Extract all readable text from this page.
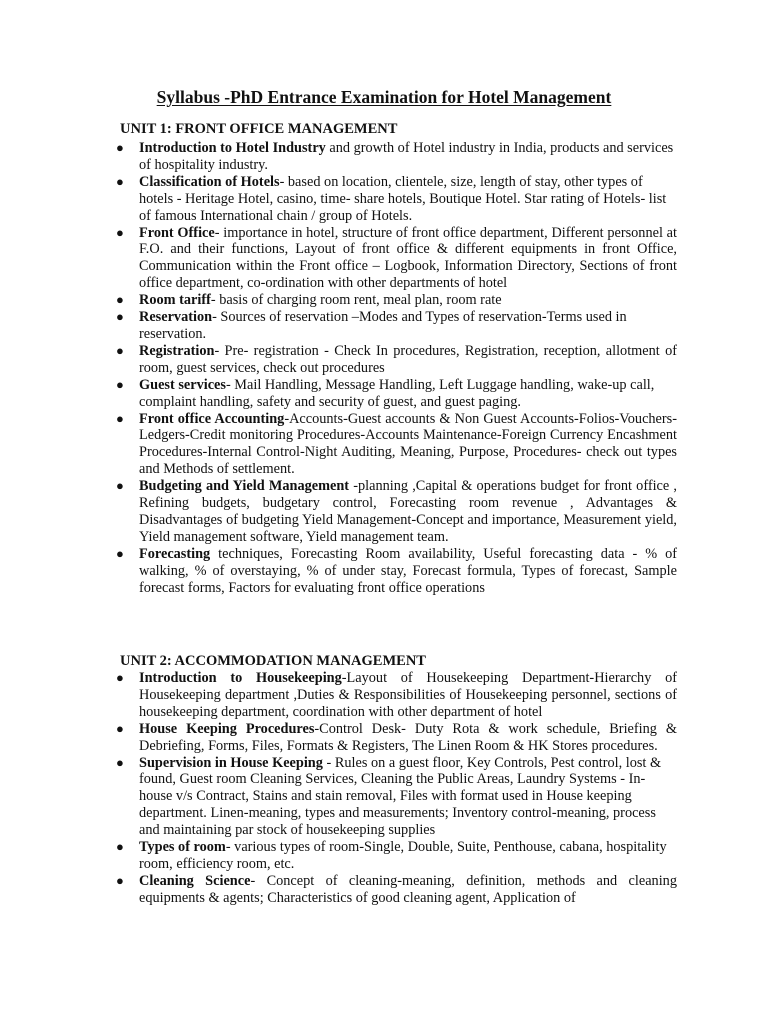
Syllabus -PhD Entrance Examination for Hotel Management
UNIT 1: FRONT OFFICE MANAGEMENT
● Introduction to Hotel Industry and growth of Hotel industry in India, products and services of hospitality industry.
● Classification of Hotels- based on location, clientele, size, length of stay, other types of hotels - Heritage Hotel, casino, time- share hotels, Boutique Hotel. Star rating of Hotels- list of famous International chain / group of Hotels.
● Front Office- importance in hotel, structure of front office department, Different personnel at F.O. and their functions, Layout of front office & different equipments in front Office, Communication within the Front office – Logbook, Information Directory, Sections of front office department, co-ordination with other departments of hotel
● Room tariff- basis of charging room rent, meal plan, room rate
● Reservation- Sources of reservation –Modes and Types of reservation-Terms used in reservation.
● Registration- Pre- registration - Check In procedures, Registration, reception, allotment of room, guest services, check out procedures
● Guest services- Mail Handling, Message Handling, Left Luggage handling, wake-up call, complaint handling, safety and security of guest, and guest paging.
● Front office Accounting-Accounts-Guest accounts & Non Guest Accounts-Folios-Vouchers-Ledgers-Credit monitoring Procedures-Accounts Maintenance-Foreign Currency Encashment Procedures-Internal Control-Night Auditing, Meaning, Purpose, Procedures- check out types and Methods of settlement.
● Budgeting and Yield Management -planning ,Capital & operations budget for front office , Refining budgets, budgetary control, Forecasting room revenue , Advantages & Disadvantages of budgeting Yield Management-Concept and importance, Measurement yield, Yield management software, Yield management team.
● Forecasting techniques, Forecasting Room availability, Useful forecasting data - % of walking, % of overstaying, % of under stay, Forecast formula, Types of forecast, Sample forecast forms, Factors for evaluating front office operations
UNIT 2: ACCOMMODATION MANAGEMENT
● Introduction to Housekeeping-Layout of Housekeeping Department-Hierarchy of Housekeeping department ,Duties & Responsibilities of Housekeeping personnel, sections of housekeeping department, coordination with other department of hotel
● House Keeping Procedures-Control Desk- Duty Rota & work schedule, Briefing & Debriefing, Forms, Files, Formats & Registers, The Linen Room & HK Stores procedures.
● Supervision in House Keeping - Rules on a guest floor, Key Controls, Pest control, lost & found, Guest room Cleaning Services, Cleaning the Public Areas, Laundry Systems - In-house v/s Contract, Stains and stain removal, Files with format used in House keeping department. Linen-meaning, types and measurements; Inventory control-meaning, process and maintaining par stock of housekeeping supplies
● Types of room- various types of room-Single, Double, Suite, Penthouse, cabana, hospitality room, efficiency room, etc.
● Cleaning Science- Concept of cleaning-meaning, definition, methods and cleaning equipments & agents; Characteristics of good cleaning agent, Application of
